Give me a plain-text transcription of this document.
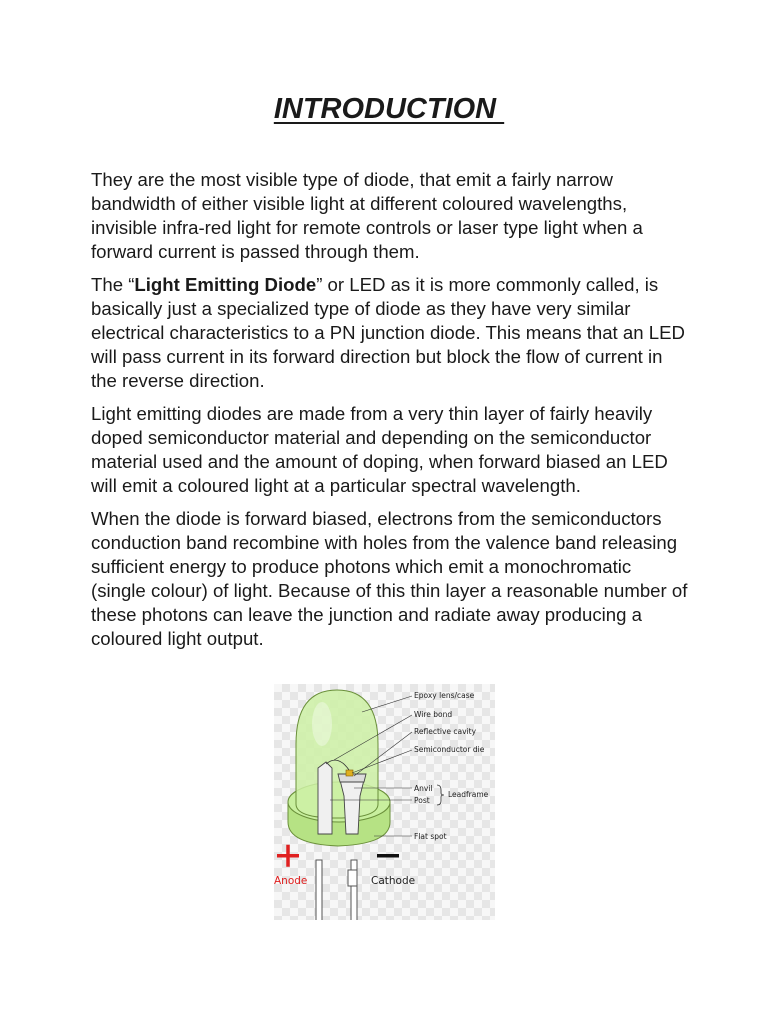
INTRODUCTION

They are the most visible type of diode, that emit a fairly narrow bandwidth of either visible light at different coloured wavelengths, invisible infra-red light for remote controls or laser type light when a forward current is passed through them.

The “Light Emitting Diode” or LED as it is more commonly called, is basically just a specialized type of diode as they have very similar electrical characteristics to a PN junction diode. This means that an LED will pass current in its forward direction but block the flow of current in the reverse direction.

Light emitting diodes are made from a very thin layer of fairly heavily doped semiconductor material and depending on the semiconductor material used and the amount of doping, when forward biased an LED will emit a coloured light at a particular spectral wavelength.

When the diode is forward biased, electrons from the semiconductors conduction band recombine with holes from the valence band releasing sufficient energy to produce photons which emit a monochromatic (single colour) of light. Because of this thin layer a reasonable number of these photons can leave the junction and radiate away producing a coloured light output.

Epoxy lens/case
Wire bond
Reflective cavity
Semiconductor die
Anvil
Post
Leadframe
Flat spot
Anode	Cathode
